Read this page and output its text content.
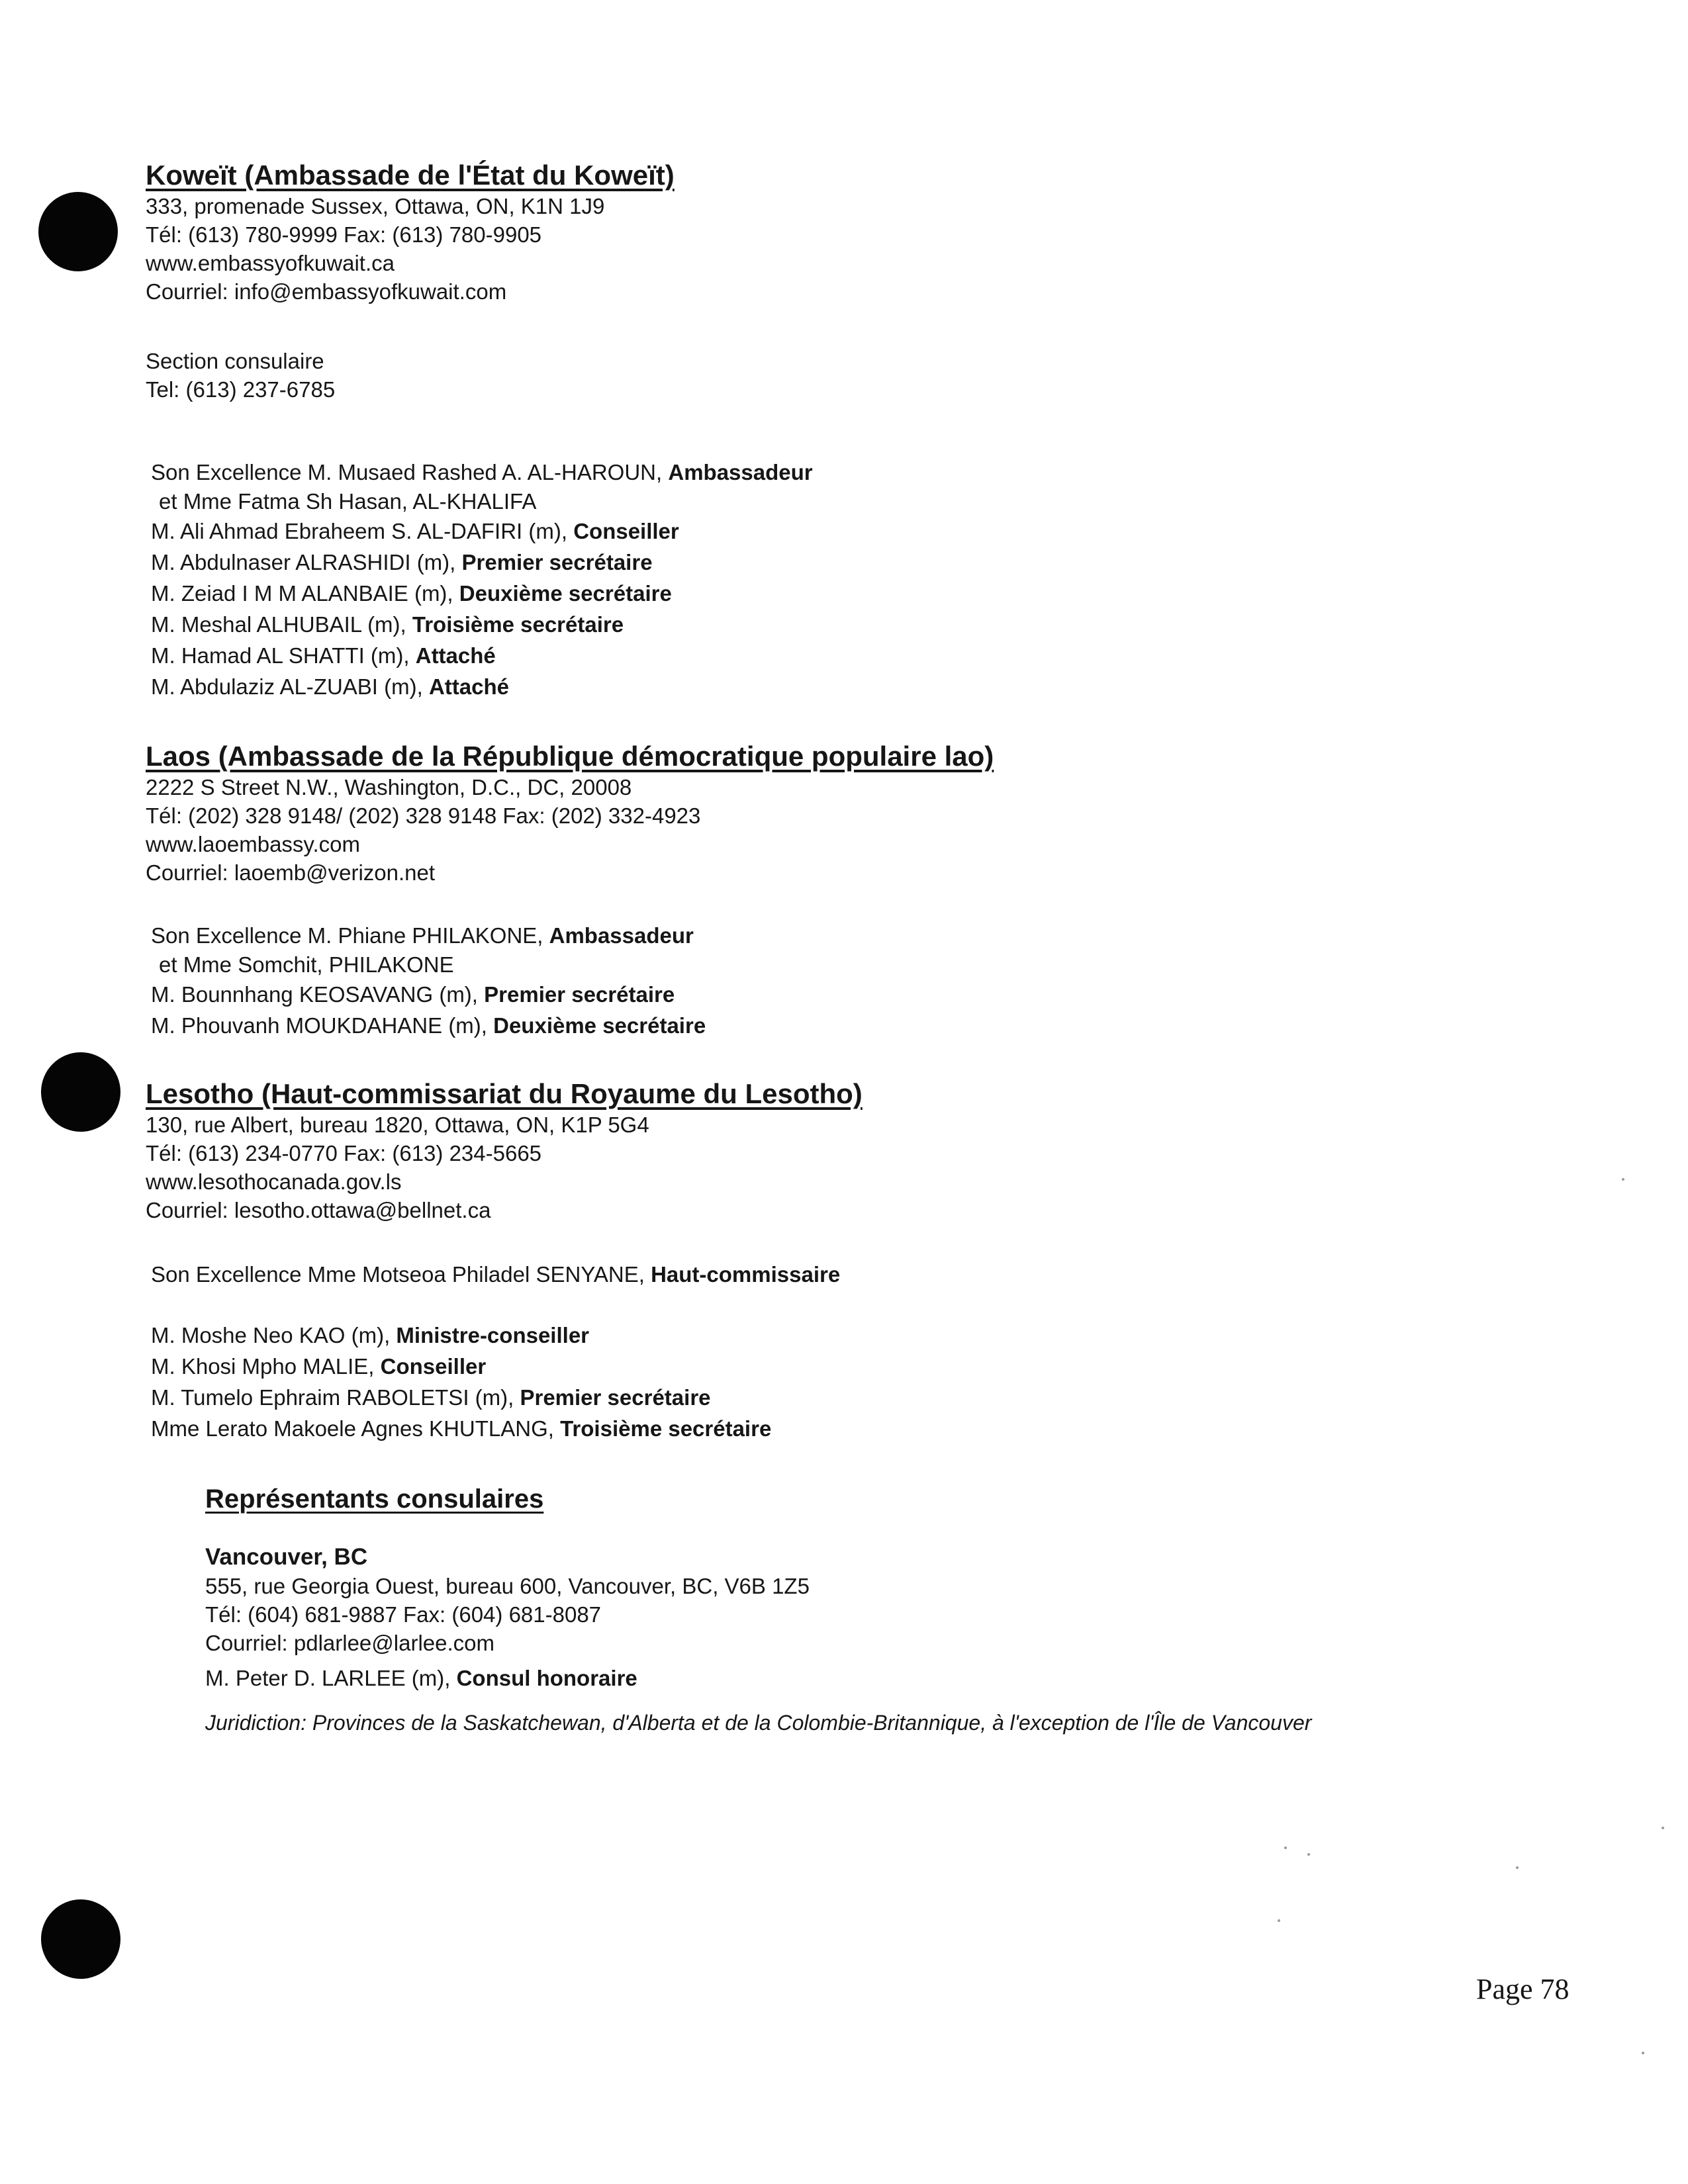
Koweït (Ambassade de l'État du Koweït)
333, promenade Sussex, Ottawa, ON, K1N 1J9
Tél: (613) 780-9999 Fax: (613) 780-9905
www.embassyofkuwait.ca
Courriel: info@embassyofkuwait.com
Section consulaire
Tel: (613) 237-6785
Son Excellence M. Musaed Rashed A. AL-HAROUN, Ambassadeur
et Mme Fatma Sh Hasan, AL-KHALIFA
M. Ali Ahmad Ebraheem S. AL-DAFIRI (m), Conseiller
M. Abdulnaser ALRASHIDI (m), Premier secrétaire
M. Zeiad I M M ALANBAIE (m), Deuxième secrétaire
M. Meshal ALHUBAIL (m), Troisième secrétaire
M. Hamad AL SHATTI (m), Attaché
M. Abdulaziz AL-ZUABI (m), Attaché
Laos (Ambassade de la République démocratique populaire lao)
2222 S Street N.W., Washington, D.C., DC, 20008
Tél: (202) 328 9148/ (202) 328 9148 Fax: (202) 332-4923
www.laoembassy.com
Courriel: laoemb@verizon.net
Son Excellence M. Phiane PHILAKONE, Ambassadeur
et Mme Somchit, PHILAKONE
M. Bounnhang KEOSAVANG (m), Premier secrétaire
M. Phouvanh MOUKDAHANE (m), Deuxième secrétaire
Lesotho (Haut-commissariat du Royaume du Lesotho)
130, rue Albert, bureau 1820, Ottawa, ON, K1P 5G4
Tél: (613) 234-0770 Fax: (613) 234-5665
www.lesothocanada.gov.ls
Courriel: lesotho.ottawa@bellnet.ca
Son Excellence Mme Motseoa Philadel SENYANE, Haut-commissaire
M. Moshe Neo KAO (m), Ministre-conseiller
M. Khosi Mpho MALIE, Conseiller
M. Tumelo Ephraim RABOLETSI (m), Premier secrétaire
Mme Lerato Makoele Agnes KHUTLANG, Troisième secrétaire
Représentants consulaires
Vancouver, BC
555, rue Georgia Ouest, bureau 600, Vancouver, BC, V6B 1Z5
Tél: (604) 681-9887 Fax: (604) 681-8087
Courriel: pdlarlee@larlee.com
M. Peter D. LARLEE (m), Consul honoraire
Juridiction: Provinces de la Saskatchewan, d'Alberta et de la Colombie-Britannique, à l'exception de l'Île de Vancouver
Page 78
